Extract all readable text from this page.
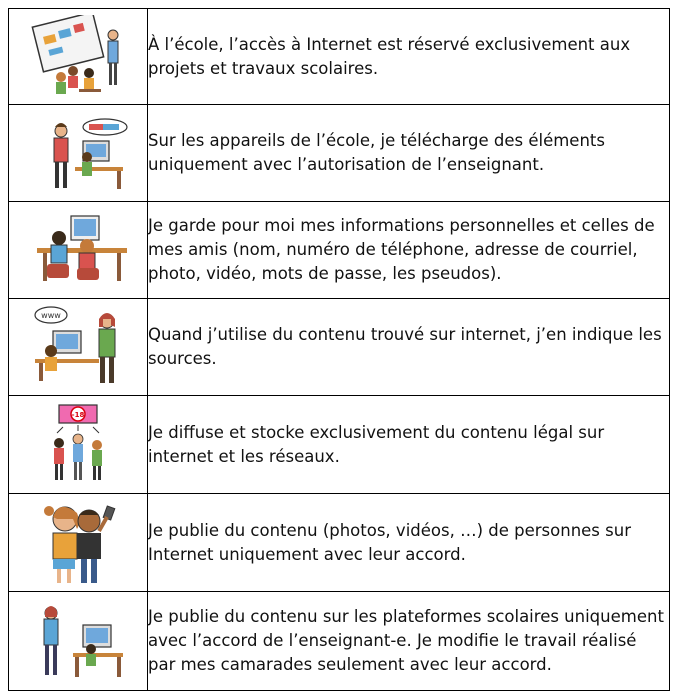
	À l’école, l’accès à Internet est réservé exclusivement aux projets et travaux scolaires.

	Sur les appareils de l’école, je télécharge des éléments uniquement avec l’autorisation de l’enseignant.

	Je garde pour moi mes informations personnelles et celles de mes amis (nom, numéro de téléphone, adresse de courriel, photo, vidéo, mots de passe, les pseudos).

www	Quand j’utilise du contenu trouvé sur internet, j’en indique les sources.

-18	Je diffuse et stocke exclusivement du contenu légal sur internet et les réseaux.

	Je publie du contenu (photos, vidéos, …) de personnes sur Internet uniquement avec leur accord.

	Je publie du contenu sur les plateformes scolaires uniquement avec l’accord de l’enseignant-e. Je modifie le travail réalisé par mes camarades seulement avec leur accord.
